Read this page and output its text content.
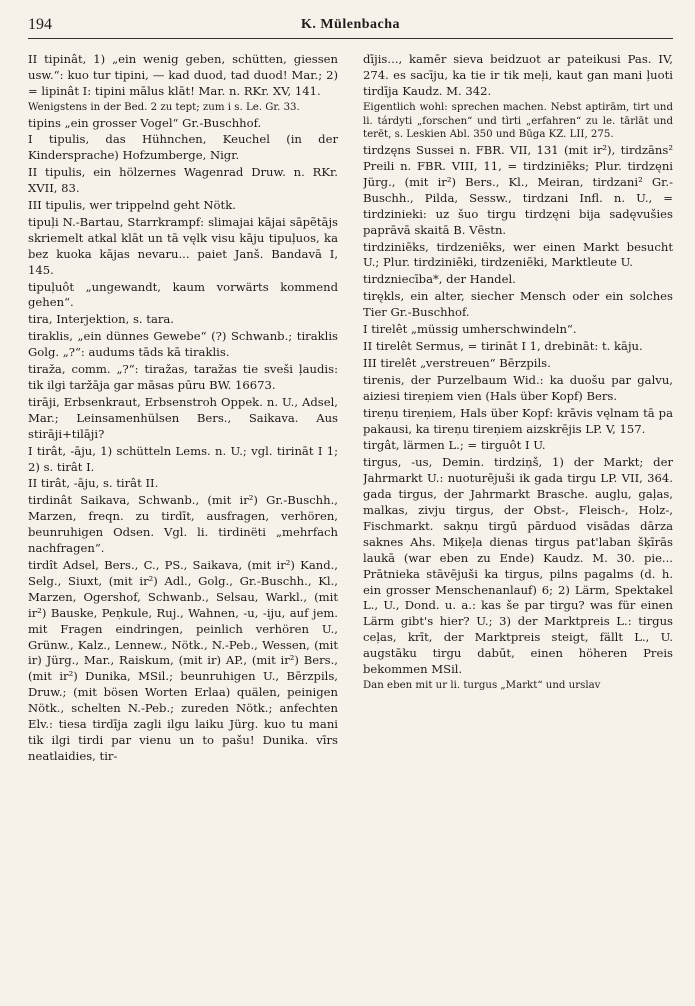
194	K. Mülenbacha

II tipinât, 1) „ein wenig geben, schütten, giessen usw.“: kuo tur tipini, — kad duod, tad duod! Mar.; 2) = lipinât I: tipini mālus klāt! Mar. n. RKr. XV, 141.

Wenigstens in der Bed. 2 zu tept; zum i s. Le. Gr. 33.

tipins „ein grosser Vogel“ Gr.-Buschhof.

I tipulis, das Hühnchen, Keuchel (in der Kindersprache) Hofzumberge, Nigr.

II tipulis, ein hölzernes Wagenrad Druw. n. RKr. XVII, 83.

III tipulis, wer trippelnd geht Nötk.

tipuļi N.-Bartau, Starrkrampf: slimajai kājai sāpẽtājs skriemelt atkal klāt un tā vęlk visu kāju tipuļuos, ka bez kuoka kājas nevaru... paiet Janš. Bandavā I, 145.

tipuļuôt „ungewandt, kaum vorwärts kommend gehen“.

tira, Interjektion, s. tara.

tiraklis, „ein dünnes Gewebe“ (?) Schwanb.; tiraklis Golg. „?“: audums tāds kā tiraklis.

tiraža, comm. „?“: tiražas, taražas tie sveši ļaudis: tik ilgi taržāja gar māsas pūru BW. 16673.

tirāji, Erbsenkraut, Erbsenstroh Oppek. n. U., Adsel, Mar.; Leinsamenhülsen Bers., Saikava. Aus stirāji+tilāji?

I tirât, -āju, 1) schütteln Lems. n. U.; vgl. tirināt I 1; 2) s. tirât I.

II tirât, -āju, s. tirât II.

tirdinât Saikava, Schwanb., (mit ir²) Gr.-Buschh., Marzen, freqn. zu tirdīt, ausfragen, verhören, beunruhigen Odsen. Vgl. li. tirdinëti „mehrfach nachfragen“.

tirdît Adsel, Bers., C., PS., Saikava, (mit ir²) Kand., Selg., Siuxt, (mit ir²) Adl., Golg., Gr.-Buschh., Kl., Marzen, Ogershof, Schwanb., Selsau, Warkl., (mit ir²) Bauske, Peņkule, Ruj., Wahnen, -u, -iju, auf jem. mit Fragen eindringen, peinlich verhören U., Grünw., Kalz., Lennew., Nötk., N.-Peb., Wessen, (mit ir) Jürg., Mar., Raiskum, (mit ir) AP., (mit ir²) Bers., (mit ir²) Dunika, MSil.; beunruhigen U., Bērzpils, Druw.; (mit bösen Worten Erlaa) quälen, peinigen Nötk., schelten N.-Peb.; zureden Nötk.; anfechten Elv.: tiesa tirdīja zagli ilgu laiku Jürg. kuo tu mani tik ilgi tirdi par vienu un to pašu! Dunika. vīrs neatlaidies, tir-

dījis..., kamēr sieva beidzuot ar pateikusi Pas. IV, 274. es sacīju, ka tie ir tik meļi, kaut gan mani ļuoti tirdīja Kaudz. M. 342.

Eigentlich wohl: sprechen machen. Nebst aptirām, tirt und li. tárdyti „forschen“ und tìrti „erfahren“ zu le. tārlāt und terēt, s. Leskien Abl. 350 und Būga KZ. LII, 275.

tirdzęns Sussei n. FBR. VII, 131 (mit ir²), tirdzāns² Preili n. FBR. VIII, 11, = tirdziniēks; Plur. tirdzęni Jürg., (mit ir²) Bers., Kl., Meiran, tirdzani² Gr.-Buschh., Pilda, Sessw., tirdzani Infl. n. U., = tirdzinieki: uz šuo tirgu tirdzęni bija sadęvušies paprāvā skaitā B. Vēstn.

tirdziniēks, tirdzeniēks, wer einen Markt besucht U.; Plur. tirdziniēki, tirdzeniēki, Marktleute U.

tirdzniecība*, der Handel.

tirękls, ein alter, siecher Mensch oder ein solches Tier Gr.-Buschhof.

I tirelêt „müssig umherschwindeln“.

II tirelêt Sermus, = tirināt I 1, drebināt: t. kāju.

III tirelêt „verstreuen“ Bērzpils.

tirenis, der Purzelbaum Wid.: ka duošu par galvu, aiziesi tireņiem vien (Hals über Kopf) Bers.

tireņu tireņiem, Hals über Kopf: krāvis vęlnam tā pa pakausi, ka tireņu tireņiem aizskrējis LP. V, 157.

tirgât, lärmen L.; = tirguôt I U.

tirgus, -us, Demin. tirdziņš, 1) der Markt; der Jahrmarkt U.: nuoturējuši ik gada tirgu LP. VII, 364. gada tirgus, der Jahrmarkt Brasche. augļu, gaļas, malkas, zivju tirgus, der Obst-, Fleisch-, Holz-, Fischmarkt. sakņu tirgū pārduod visādas dārza saknes Ahs. Miķeļa dienas tirgus pat'laban šķīrās laukā (war eben zu Ende) Kaudz. M. 30. pie... Prātnieka stāvējuši ka tirgus, pilns pagalms (d. h. ein grosser Menschenanlauf) 6; 2) Lärm, Spektakel L., U., Dond. u. a.: kas še par tirgu? was für einen Lärm gibt's hier? U.; 3) der Marktpreis L.: tirgus ceļas, krīt, der Marktpreis steigt, fällt L., U. augstāku tirgu dabūt, einen höheren Preis bekommen MSil.

Dan eben mit ur li. turgus „Markt“ und urslav
